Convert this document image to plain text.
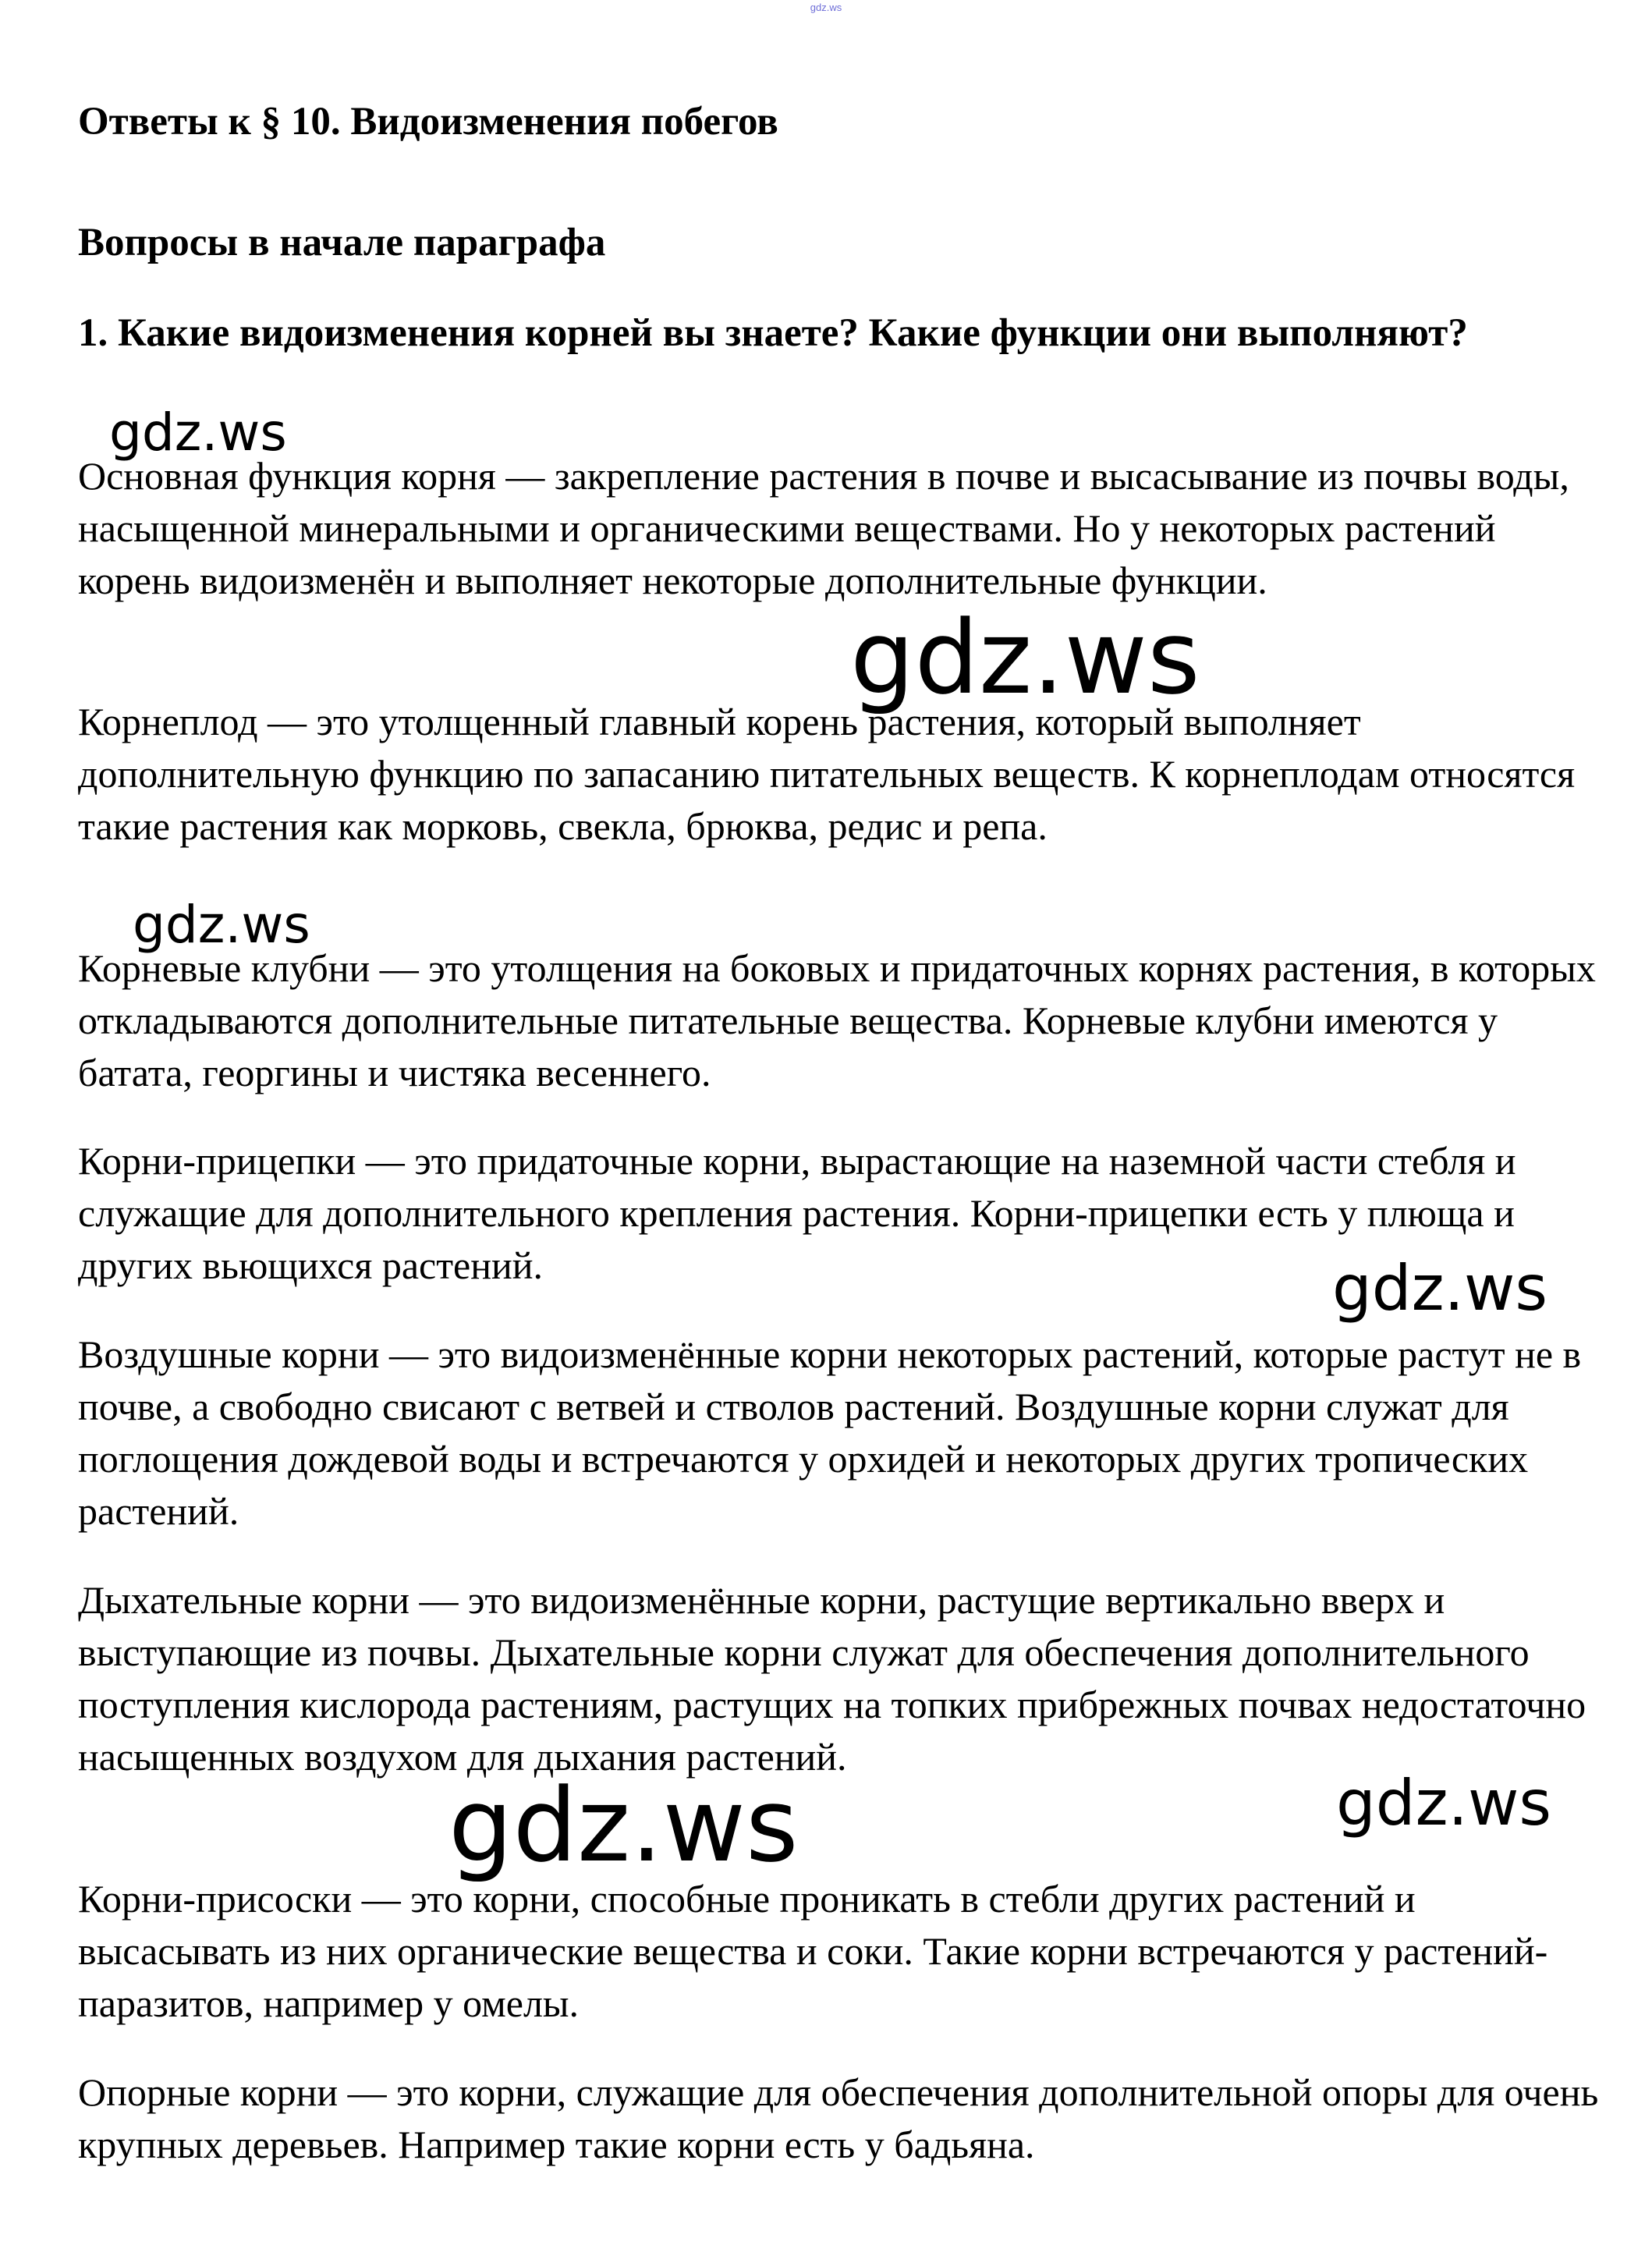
gdz.ws
Ответы к § 10. Видоизменения побегов
Вопросы в начале параграфа
1. Какие видоизменения корней вы знаете? Какие функции они выполняют?

Основная функция корня — закрепление растения в почве и высасывание из почвы воды, насыщенной минеральными и органическими веществами. Но у некоторых растений корень видоизменён и выполняет некоторые дополнительные функции.

Корнеплод — это утолщенный главный корень растения, который выполняет дополнительную функцию по запасанию питательных веществ. К корнеплодам относятся такие растения как морковь, свекла, брюква, редис и репа.

Корневые клубни — это утолщения на боковых и придаточных корнях растения, в которых откладываются дополнительные питательные вещества. Корневые клубни имеются у батата, георгины и чистяка весеннего.

Корни-прицепки — это придаточные корни, вырастающие на наземной части стебля и служащие для дополнительного крепления растения. Корни-прицепки есть у плюща и других вьющихся растений.

Воздушные корни — это видоизменённые корни некоторых растений, которые растут не в почве, а свободно свисают с ветвей и стволов растений. Воздушные корни служат для поглощения дождевой воды и встречаются у орхидей и некоторых других тропических растений.

Дыхательные корни — это видоизменённые корни, растущие вертикально вверх и выступающие из почвы. Дыхательные корни служат для обеспечения дополнительного поступления кислорода растениям, растущих на топких прибрежных почвах недостаточно насыщенных воздухом для дыхания растений.

Корни-присоски — это корни, способные проникать в стебли других растений и высасывать из них органические вещества и соки. Такие корни встречаются у растений-паразитов, например у омелы.

Опорные корни — это корни, служащие для обеспечения дополнительной опоры для очень крупных деревьев. Например такие корни есть у бадьяна.

gdz.ws
gdz.ws
gdz.ws
gdz.ws
gdz.ws	gdz.ws
